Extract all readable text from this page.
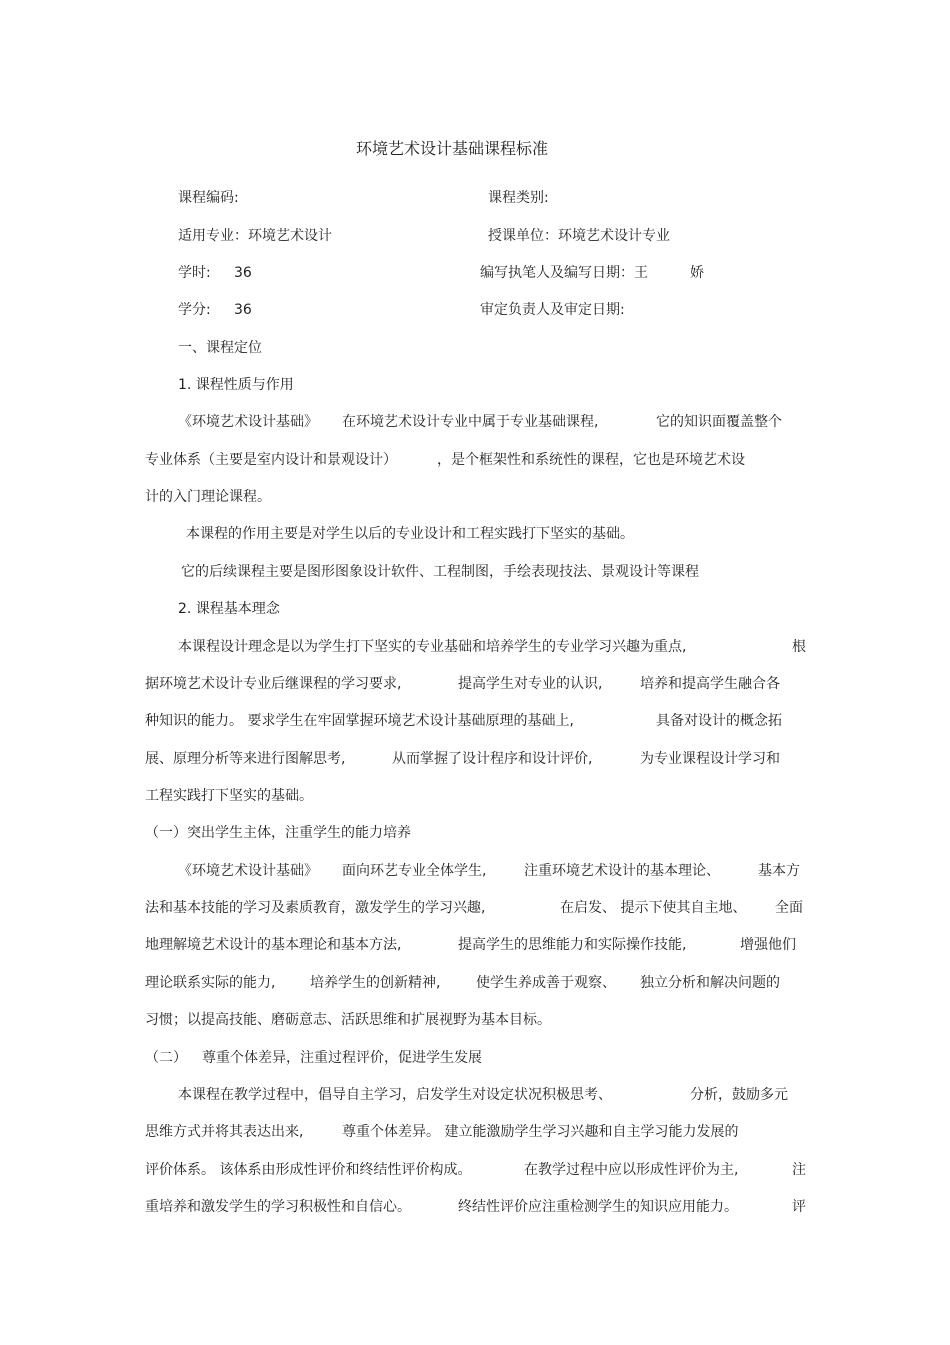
环境艺术设计基础课程标准
课程编码:	课程类别:
适用专业：环境艺术设计	授课单位：环境艺术设计专业
学时: 36	编写执笔人及编写日期：王	娇
学分: 36	审定负责人及审定日期:
一、课程定位
1. 课程性质与作用
《环境艺术设计基础》 在环境艺术设计专业中属于专业基础课程,	它的知识面覆盖整个
专业体系（主要是室内设计和景观设计）	，是个框架性和系统性的课程，它也是环境艺术设
计的入门理论课程。
本课程的作用主要是对学生以后的专业设计和工程实践打下坚实的基础。
它的后续课程主要是图形图象设计软件、工程制图，手绘表现技法、景观设计等课程
2. 课程基本理念
本课程设计理念是以为学生打下坚实的专业基础和培养学生的专业学习兴趣为重点,	根
据环境艺术设计专业后继课程的学习要求,	提高学生对专业的认识,	培养和提高学生融合各
种知识的能力。 要求学生在牢固掌握环境艺术设计基础原理的基础上,	具备对设计的概念拓
展、原理分析等来进行图解思考,	从而掌握了设计程序和设计评价,	为专业课程设计学习和
工程实践打下坚实的基础。
（一）突出学生主体，注重学生的能力培养
《环境艺术设计基础》 面向环艺专业全体学生,	注重环境艺术设计的基本理论、	基本方
法和基本技能的学习及素质教育，激发学生的学习兴趣,	在启发、 提示下使其自主地、 全面
地理解境艺术设计的基本理论和基本方法,	提高学生的思维能力和实际操作技能,	增强他们
理论联系实际的能力, 培养学生的创新精神,	使学生养成善于观察、 独立分析和解决问题的
习惯；以提高技能、磨砺意志、活跃思维和扩展视野为基本目标。
（二） 尊重个体差异，注重过程评价，促进学生发展
本课程在教学过程中，倡导自主学习，启发学生对设定状况积极思考、	分析，鼓励多元
思维方式并将其表达出来,	尊重个体差异。 建立能激励学生学习兴趣和自主学习能力发展的
评价体系。 该体系由形成性评价和终结性评价构成。	在教学过程中应以形成性评价为主,	注
重培养和激发学生的学习积极性和自信心。	终结性评价应注重检测学生的知识应用能力。	评
